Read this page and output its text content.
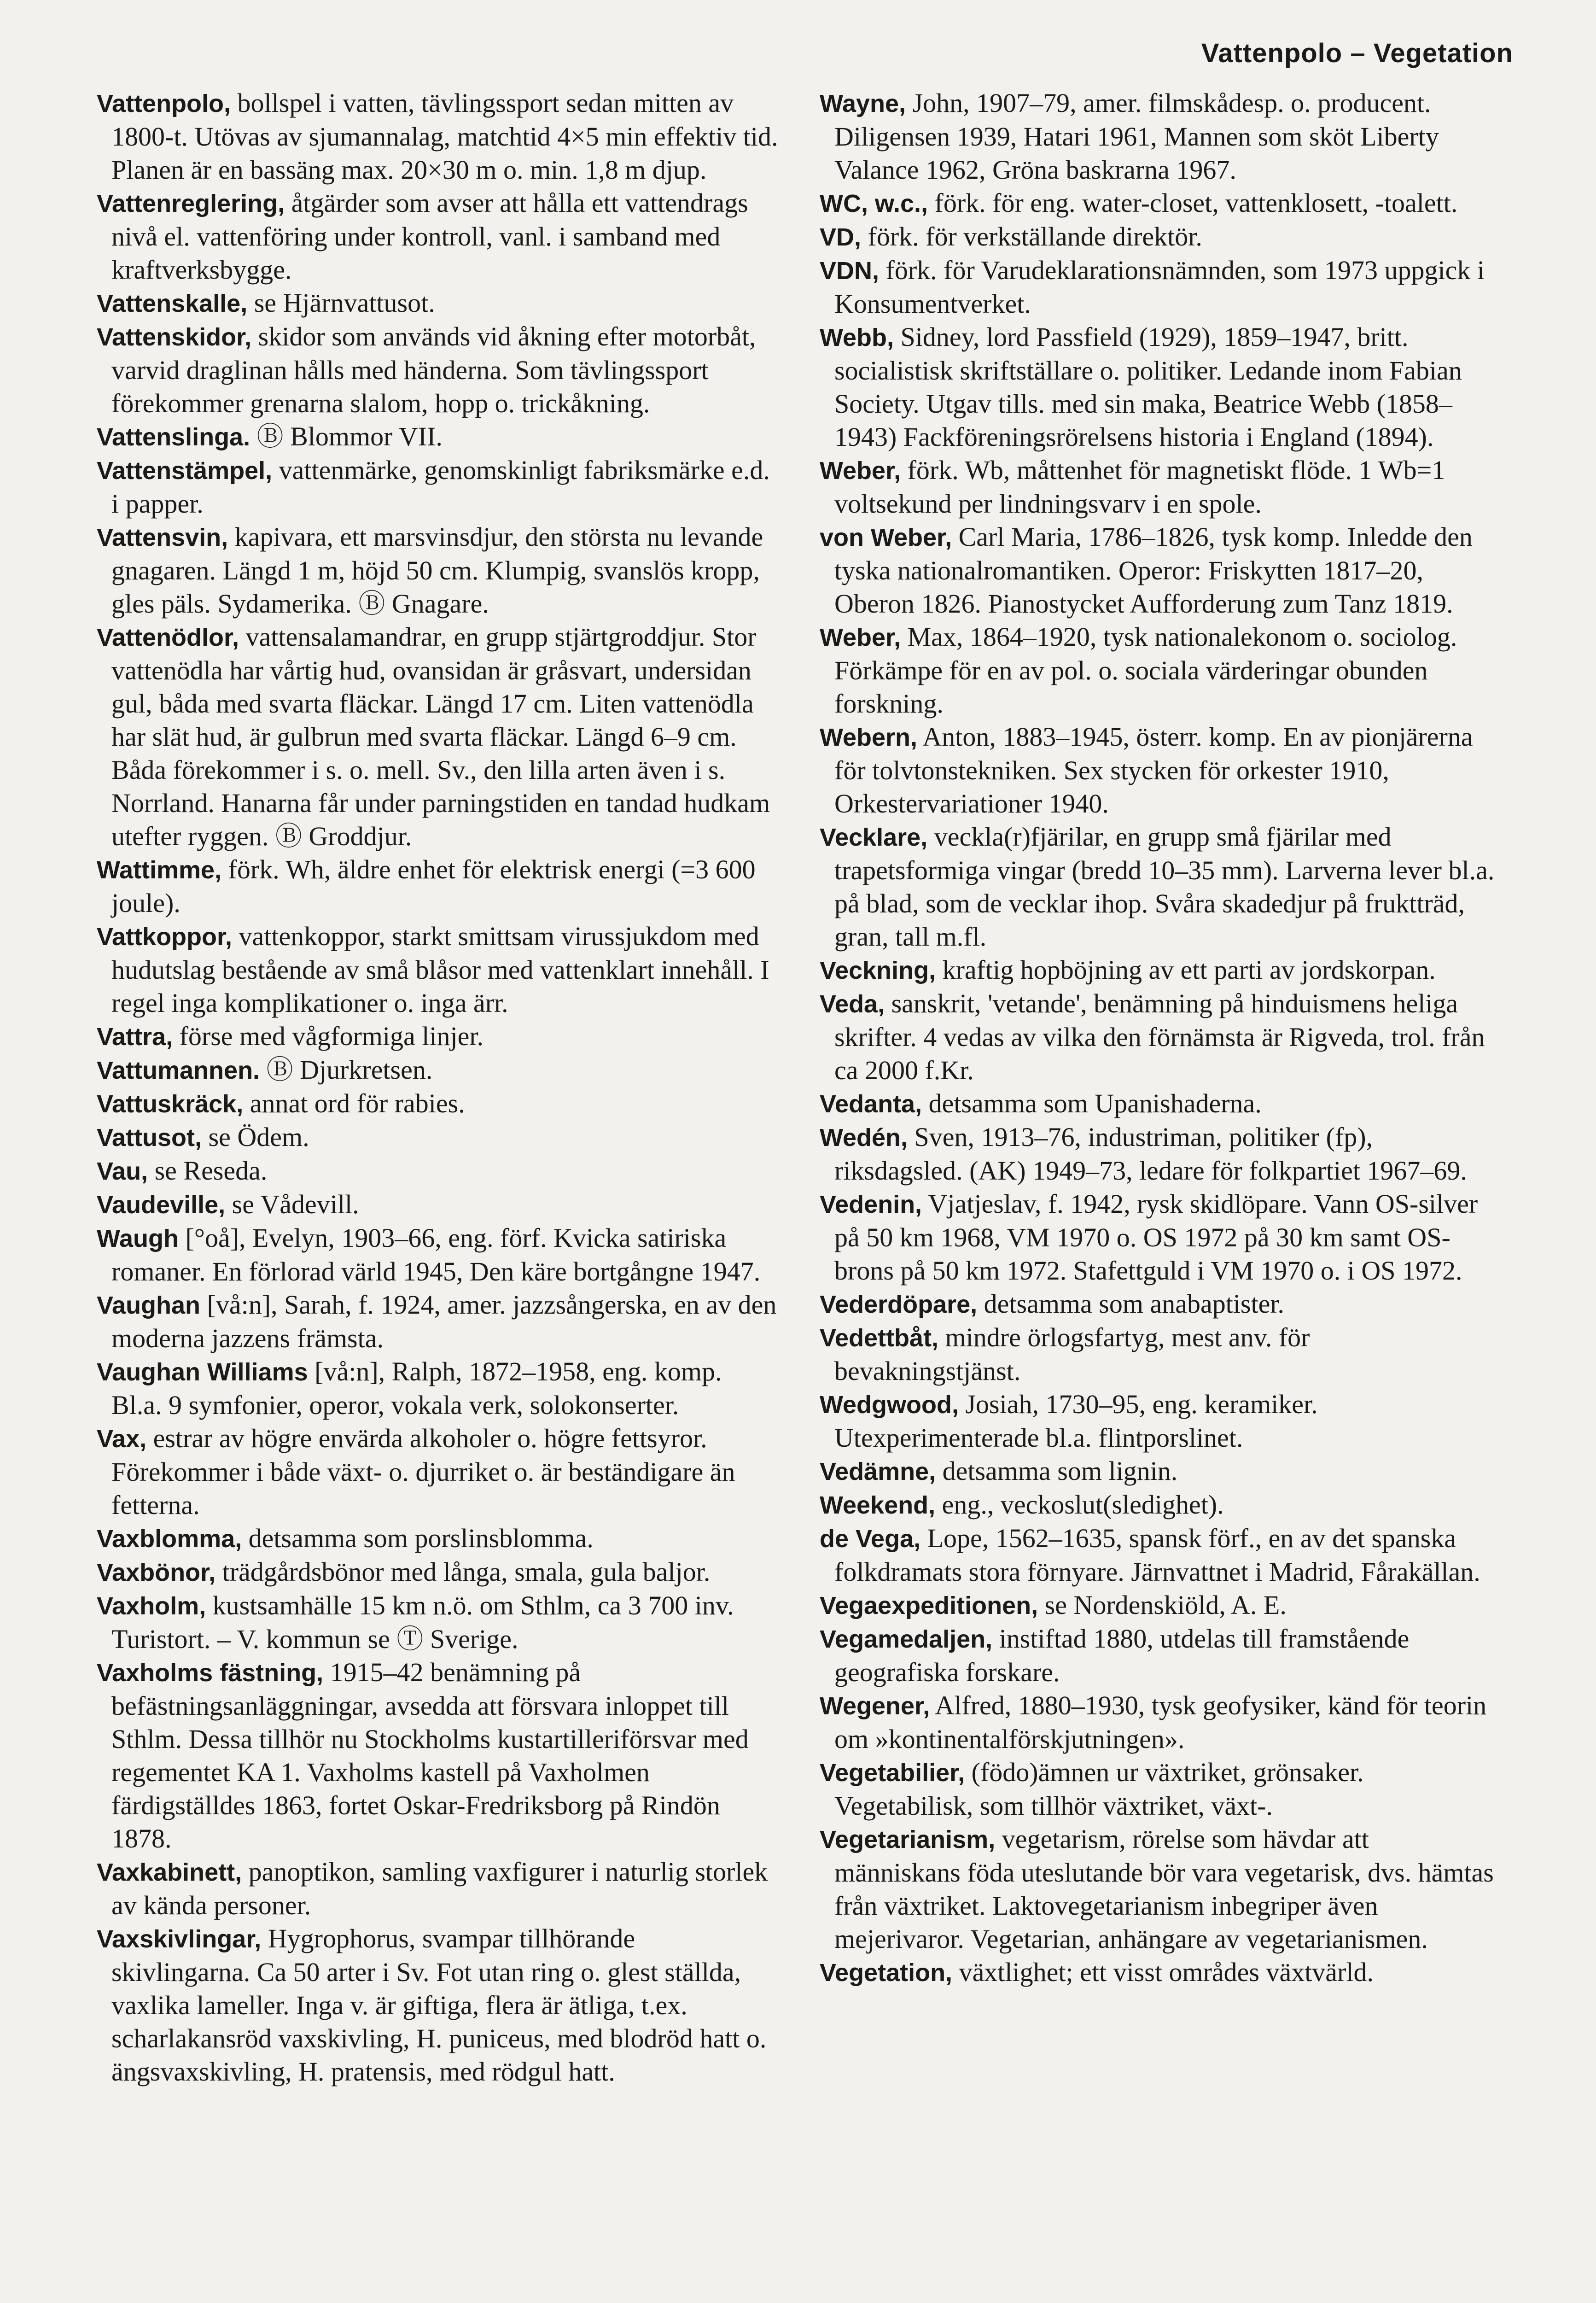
Vattenpolo – Vegetation

Vattenpolo, bollspel i vatten, tävlingssport sedan mitten av 1800-t. Utövas av sjumannalag, matchtid 4×5 min effektiv tid. Planen är en bassäng max. 20×30 m o. min. 1,8 m djup.

Vattenreglering, åtgärder som avser att hålla ett vattendrags nivå el. vattenföring under kontroll, vanl. i samband med kraftverksbygge.

Vattenskalle, se Hjärnvattusot.

Vattenskidor, skidor som används vid åkning efter motorbåt, varvid draglinan hålls med händerna. Som tävlingssport förekommer grenarna slalom, hopp o. trickåkning.

Vattenslinga. Ⓑ Blommor VII.

Vattenstämpel, vattenmärke, genomskinligt fabriksmärke e.d. i papper.

Vattensvin, kapivara, ett marsvinsdjur, den största nu levande gnagaren. Längd 1 m, höjd 50 cm. Klumpig, svanslös kropp, gles päls. Sydamerika. Ⓑ Gnagare.

Vattenödlor, vattensalamandrar, en grupp stjärtgroddjur. Stor vattenödla har vårtig hud, ovansidan är gråsvart, undersidan gul, båda med svarta fläckar. Längd 17 cm. Liten vattenödla har slät hud, är gulbrun med svarta fläckar. Längd 6–9 cm. Båda förekommer i s. o. mell. Sv., den lilla arten även i s. Norrland. Hanarna får under parningstiden en tandad hudkam utefter ryggen. Ⓑ Groddjur.

Wattimme, förk. Wh, äldre enhet för elektrisk energi (=3 600 joule).

Vattkoppor, vattenkoppor, starkt smittsam virussjukdom med hudutslag bestående av små blåsor med vattenklart innehåll. I regel inga komplikationer o. inga ärr.

Vattra, förse med vågformiga linjer.

Vattumannen. Ⓑ Djurkretsen.

Vattuskräck, annat ord för rabies.

Vattusot, se Ödem.

Vau, se Reseda.

Vaudeville, se Vådevill.

Waugh [°oå], Evelyn, 1903–66, eng. förf. Kvicka satiriska romaner. En förlorad värld 1945, Den käre bortgångne 1947.

Vaughan [vå:n], Sarah, f. 1924, amer. jazzsångerska, en av den moderna jazzens främsta.

Vaughan Williams [vå:n], Ralph, 1872–1958, eng. komp. Bl.a. 9 symfonier, operor, vokala verk, solokonserter.

Vax, estrar av högre envärda alkoholer o. högre fettsyror. Förekommer i både växt- o. djurriket o. är beständigare än fetterna.

Vaxblomma, detsamma som porslinsblomma.

Vaxbönor, trädgårdsbönor med långa, smala, gula baljor.

Vaxholm, kustsamhälle 15 km n.ö. om Sthlm, ca 3 700 inv. Turistort. – V. kommun se Ⓣ Sverige.

Vaxholms fästning, 1915–42 benämning på befästningsanläggningar, avsedda att försvara inloppet till Sthlm. Dessa tillhör nu Stockholms kustartilleriförsvar med regementet KA 1. Vaxholms kastell på Vaxholmen färdigställdes 1863, fortet Oskar-Fredriksborg på Rindön 1878.

Vaxkabinett, panoptikon, samling vaxfigurer i naturlig storlek av kända personer.

Vaxskivlingar, Hygrophorus, svampar tillhörande skivlingarna. Ca 50 arter i Sv. Fot utan ring o. glest ställda, vaxlika lameller. Inga v. är giftiga, flera är ätliga, t.ex. scharlakansröd vaxskivling, H. puniceus, med blodröd hatt o. ängsvaxskivling, H. pratensis, med rödgul hatt.

Wayne, John, 1907–79, amer. filmskådesp. o. producent. Diligensen 1939, Hatari 1961, Mannen som sköt Liberty Valance 1962, Gröna baskrarna 1967.

WC, w.c., förk. för eng. water-closet, vattenklosett, -toalett.

VD, förk. för verkställande direktör.

VDN, förk. för Varudeklarationsnämnden, som 1973 uppgick i Konsumentverket.

Webb, Sidney, lord Passfield (1929), 1859–1947, britt. socialistisk skriftställare o. politiker. Ledande inom Fabian Society. Utgav tills. med sin maka, Beatrice Webb (1858–1943) Fackföreningsrörelsens historia i England (1894).

Weber, förk. Wb, måttenhet för magnetiskt flöde. 1 Wb=1 voltsekund per lindningsvarv i en spole.

von Weber, Carl Maria, 1786–1826, tysk komp. Inledde den tyska nationalromantiken. Operor: Friskytten 1817–20, Oberon 1826. Pianostycket Aufforderung zum Tanz 1819.

Weber, Max, 1864–1920, tysk nationalekonom o. sociolog. Förkämpe för en av pol. o. sociala värderingar obunden forskning.

Webern, Anton, 1883–1945, österr. komp. En av pionjärerna för tolvtonstekniken. Sex stycken för orkester 1910, Orkestervariationer 1940.

Vecklare, veckla(r)fjärilar, en grupp små fjärilar med trapetsformiga vingar (bredd 10–35 mm). Larverna lever bl.a. på blad, som de vecklar ihop. Svåra skadedjur på fruktträd, gran, tall m.fl.

Veckning, kraftig hopböjning av ett parti av jordskorpan.

Veda, sanskrit, 'vetande', benämning på hinduismens heliga skrifter. 4 vedas av vilka den förnämsta är Rigveda, trol. från ca 2000 f.Kr.

Vedanta, detsamma som Upanishaderna.

Wedén, Sven, 1913–76, industriman, politiker (fp), riksdagsled. (AK) 1949–73, ledare för folkpartiet 1967–69.

Vedenin, Vjatjeslav, f. 1942, rysk skidlöpare. Vann OS-silver på 50 km 1968, VM 1970 o. OS 1972 på 30 km samt OS-brons på 50 km 1972. Stafettguld i VM 1970 o. i OS 1972.

Vederdöpare, detsamma som anabaptister.

Vedettbåt, mindre örlogsfartyg, mest anv. för bevakningstjänst.

Wedgwood, Josiah, 1730–95, eng. keramiker. Utexperimenterade bl.a. flintporslinet.

Vedämne, detsamma som lignin.

Weekend, eng., veckoslut(sledighet).

de Vega, Lope, 1562–1635, spansk förf., en av det spanska folkdramats stora förnyare. Järnvattnet i Madrid, Fårakällan.

Vegaexpeditionen, se Nordenskiöld, A. E.

Vegamedaljen, instiftad 1880, utdelas till framstående geografiska forskare.

Wegener, Alfred, 1880–1930, tysk geofysiker, känd för teorin om »kontinentalförskjutningen».

Vegetabilier, (födo)ämnen ur växtriket, grönsaker. Vegetabilisk, som tillhör växtriket, växt-.

Vegetarianism, vegetarism, rörelse som hävdar att människans föda uteslutande bör vara vegetarisk, dvs. hämtas från växtriket. Laktovegetarianism inbegriper även mejerivaror. Vegetarian, anhängare av vegetarianismen.

Vegetation, växtlighet; ett visst områdes växtvärld.
